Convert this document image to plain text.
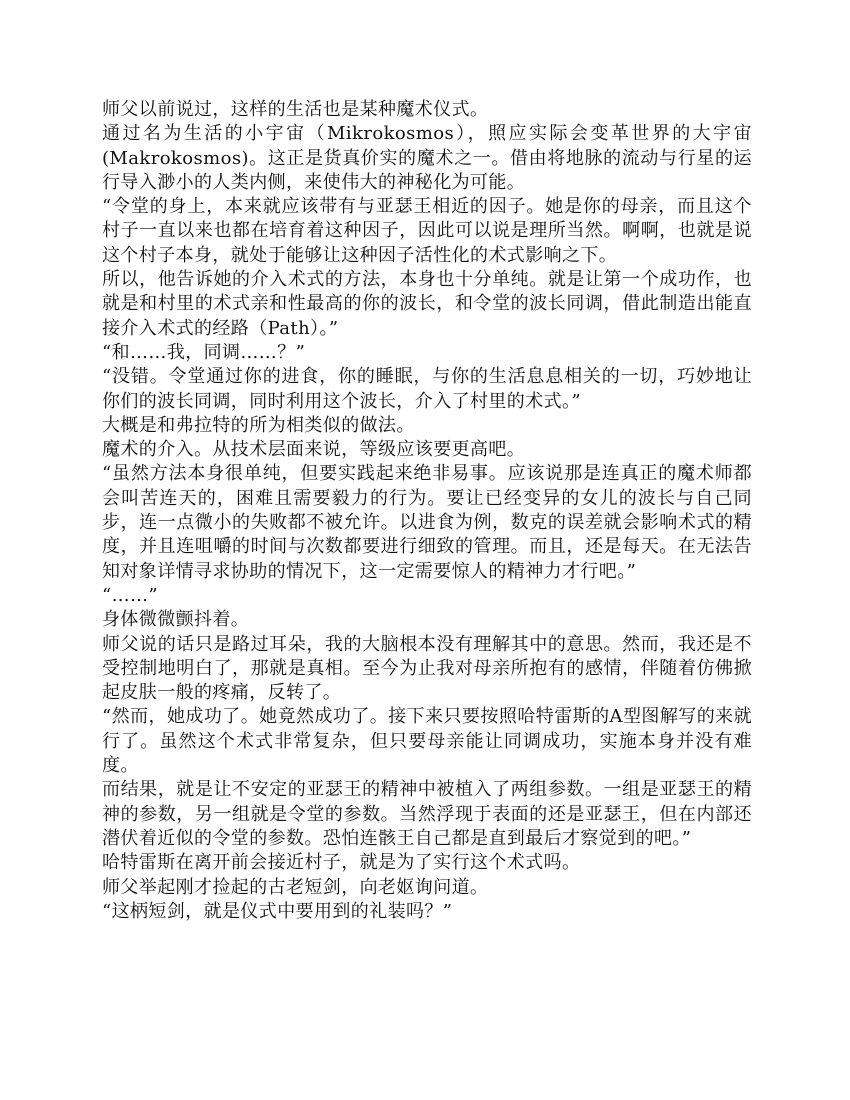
师父以前说过，这样的生活也是某种魔术仪式。

通过名为生活的小宇宙（Mikrokosmos），照应实际会变革世界的大宇宙(Makrokosmos)。这正是货真价实的魔术之一。借由将地脉的流动与行星的运行导入渺小的人类内侧，来使伟大的神秘化为可能。

“令堂的身上，本来就应该带有与亚瑟王相近的因子。她是你的母亲，而且这个村子一直以来也都在培育着这种因子，因此可以说是理所当然。啊啊，也就是说这个村子本身，就处于能够让这种因子活性化的术式影响之下。

所以，他告诉她的介入术式的方法，本身也十分单纯。就是让第一个成功作，也就是和村里的术式亲和性最高的你的波长，和令堂的波长同调，借此制造出能直接介入术式的经路（Path）。”

“和……我，同调……？”

“没错。令堂通过你的进食，你的睡眠，与你的生活息息相关的一切，巧妙地让你们的波长同调，同时利用这个波长，介入了村里的术式。”

大概是和弗拉特的所为相类似的做法。

魔术的介入。从技术层面来说，等级应该要更高吧。

“虽然方法本身很单纯，但要实践起来绝非易事。应该说那是连真正的魔术师都会叫苦连天的，困难且需要毅力的行为。要让已经变异的女儿的波长与自己同步，连一点微小的失败都不被允许。以进食为例，数克的误差就会影响术式的精度，并且连咀嚼的时间与次数都要进行细致的管理。而且，还是每天。在无法告知对象详情寻求协助的情况下，这一定需要惊人的精神力才行吧。”

“……”

身体微微颤抖着。

师父说的话只是路过耳朵，我的大脑根本没有理解其中的意思。然而，我还是不受控制地明白了，那就是真相。至今为止我对母亲所抱有的感情，伴随着仿佛掀起皮肤一般的疼痛，反转了。

“然而，她成功了。她竟然成功了。接下来只要按照哈特雷斯的A型图解写的来就行了。虽然这个术式非常复杂，但只要母亲能让同调成功，实施本身并没有难度。

而结果，就是让不安定的亚瑟王的精神中被植入了两组参数。一组是亚瑟王的精神的参数，另一组就是令堂的参数。当然浮现于表面的还是亚瑟王，但在内部还潜伏着近似的令堂的参数。恐怕连骸王自己都是直到最后才察觉到的吧。”

哈特雷斯在离开前会接近村子，就是为了实行这个术式吗。

师父举起刚才捡起的古老短剑，向老妪询问道。

“这柄短剑，就是仪式中要用到的礼装吗？”
